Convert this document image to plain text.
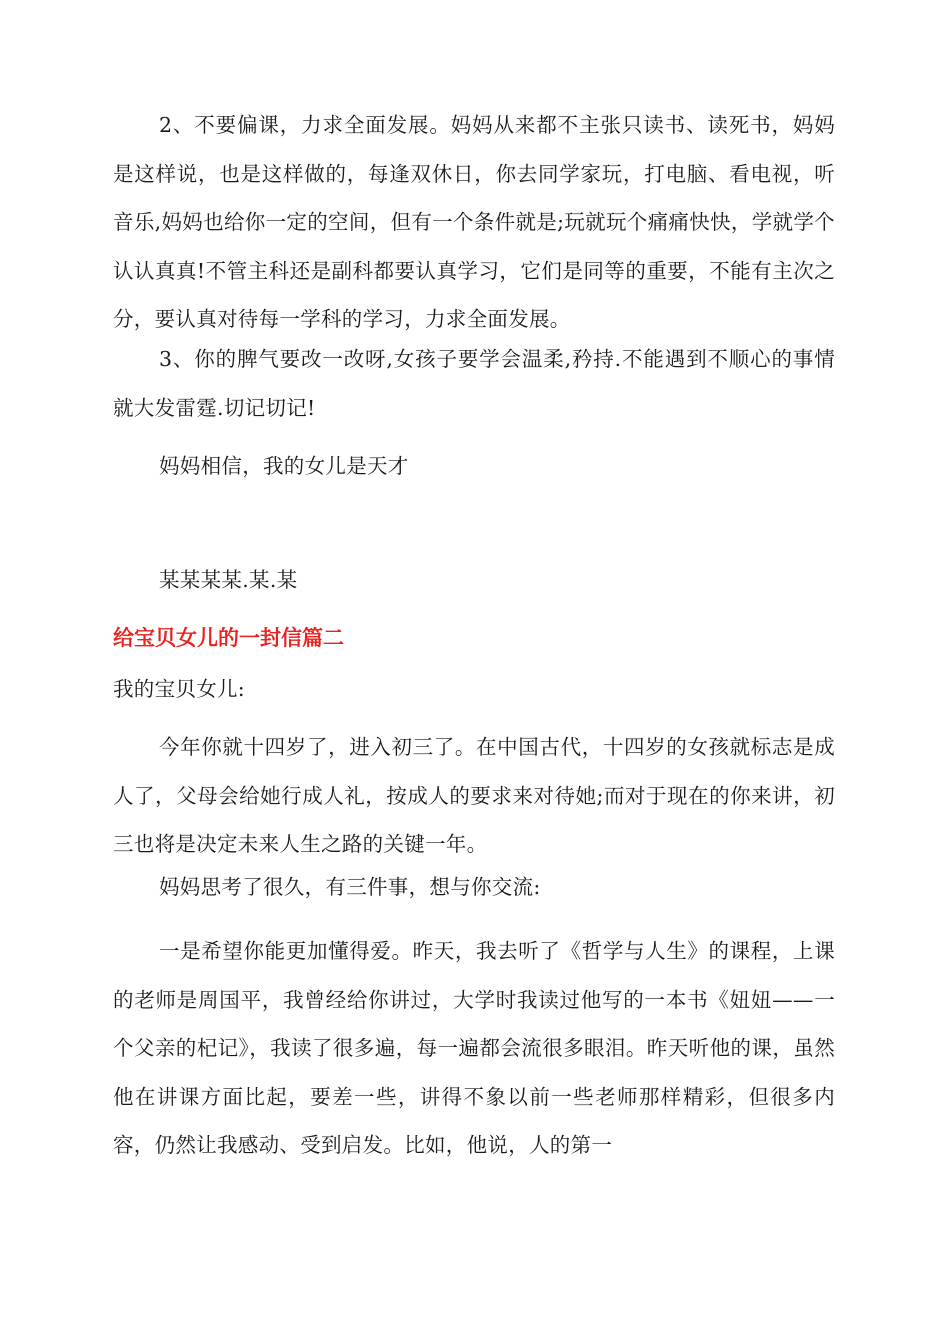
2、不要偏课，力求全面发展。妈妈从来都不主张只读书、读死书，妈妈是这样说，也是这样做的，每逢双休日，你去同学家玩，打电脑、看电视，听音乐,妈妈也给你一定的空间，但有一个条件就是;玩就玩个痛痛快快，学就学个认认真真!不管主科还是副科都要认真学习，它们是同等的重要，不能有主次之分，要认真对待每一学科的学习，力求全面发展。

3、你的脾气要改一改呀,女孩子要学会温柔,矜持.不能遇到不顺心的事情就大发雷霆.切记切记!

妈妈相信，我的女儿是天才

某某某某.某.某

给宝贝女儿的一封信篇二

我的宝贝女儿:

今年你就十四岁了，进入初三了。在中国古代，十四岁的女孩就标志是成人了，父母会给她行成人礼，按成人的要求来对待她;而对于现在的你来讲，初三也将是决定未来人生之路的关键一年。

妈妈思考了很久，有三件事，想与你交流:

一是希望你能更加懂得爱。昨天，我去听了《哲学与人生》的课程，上课的老师是周国平，我曾经给你讲过，大学时我读过他写的一本书《妞妞——一个父亲的杞记》，我读了很多遍，每一遍都会流很多眼泪。昨天听他的课，虽然他在讲课方面比起，要差一些，讲得不象以前一些老师那样精彩，但很多内容，仍然让我感动、受到启发。比如，他说，人的第一
